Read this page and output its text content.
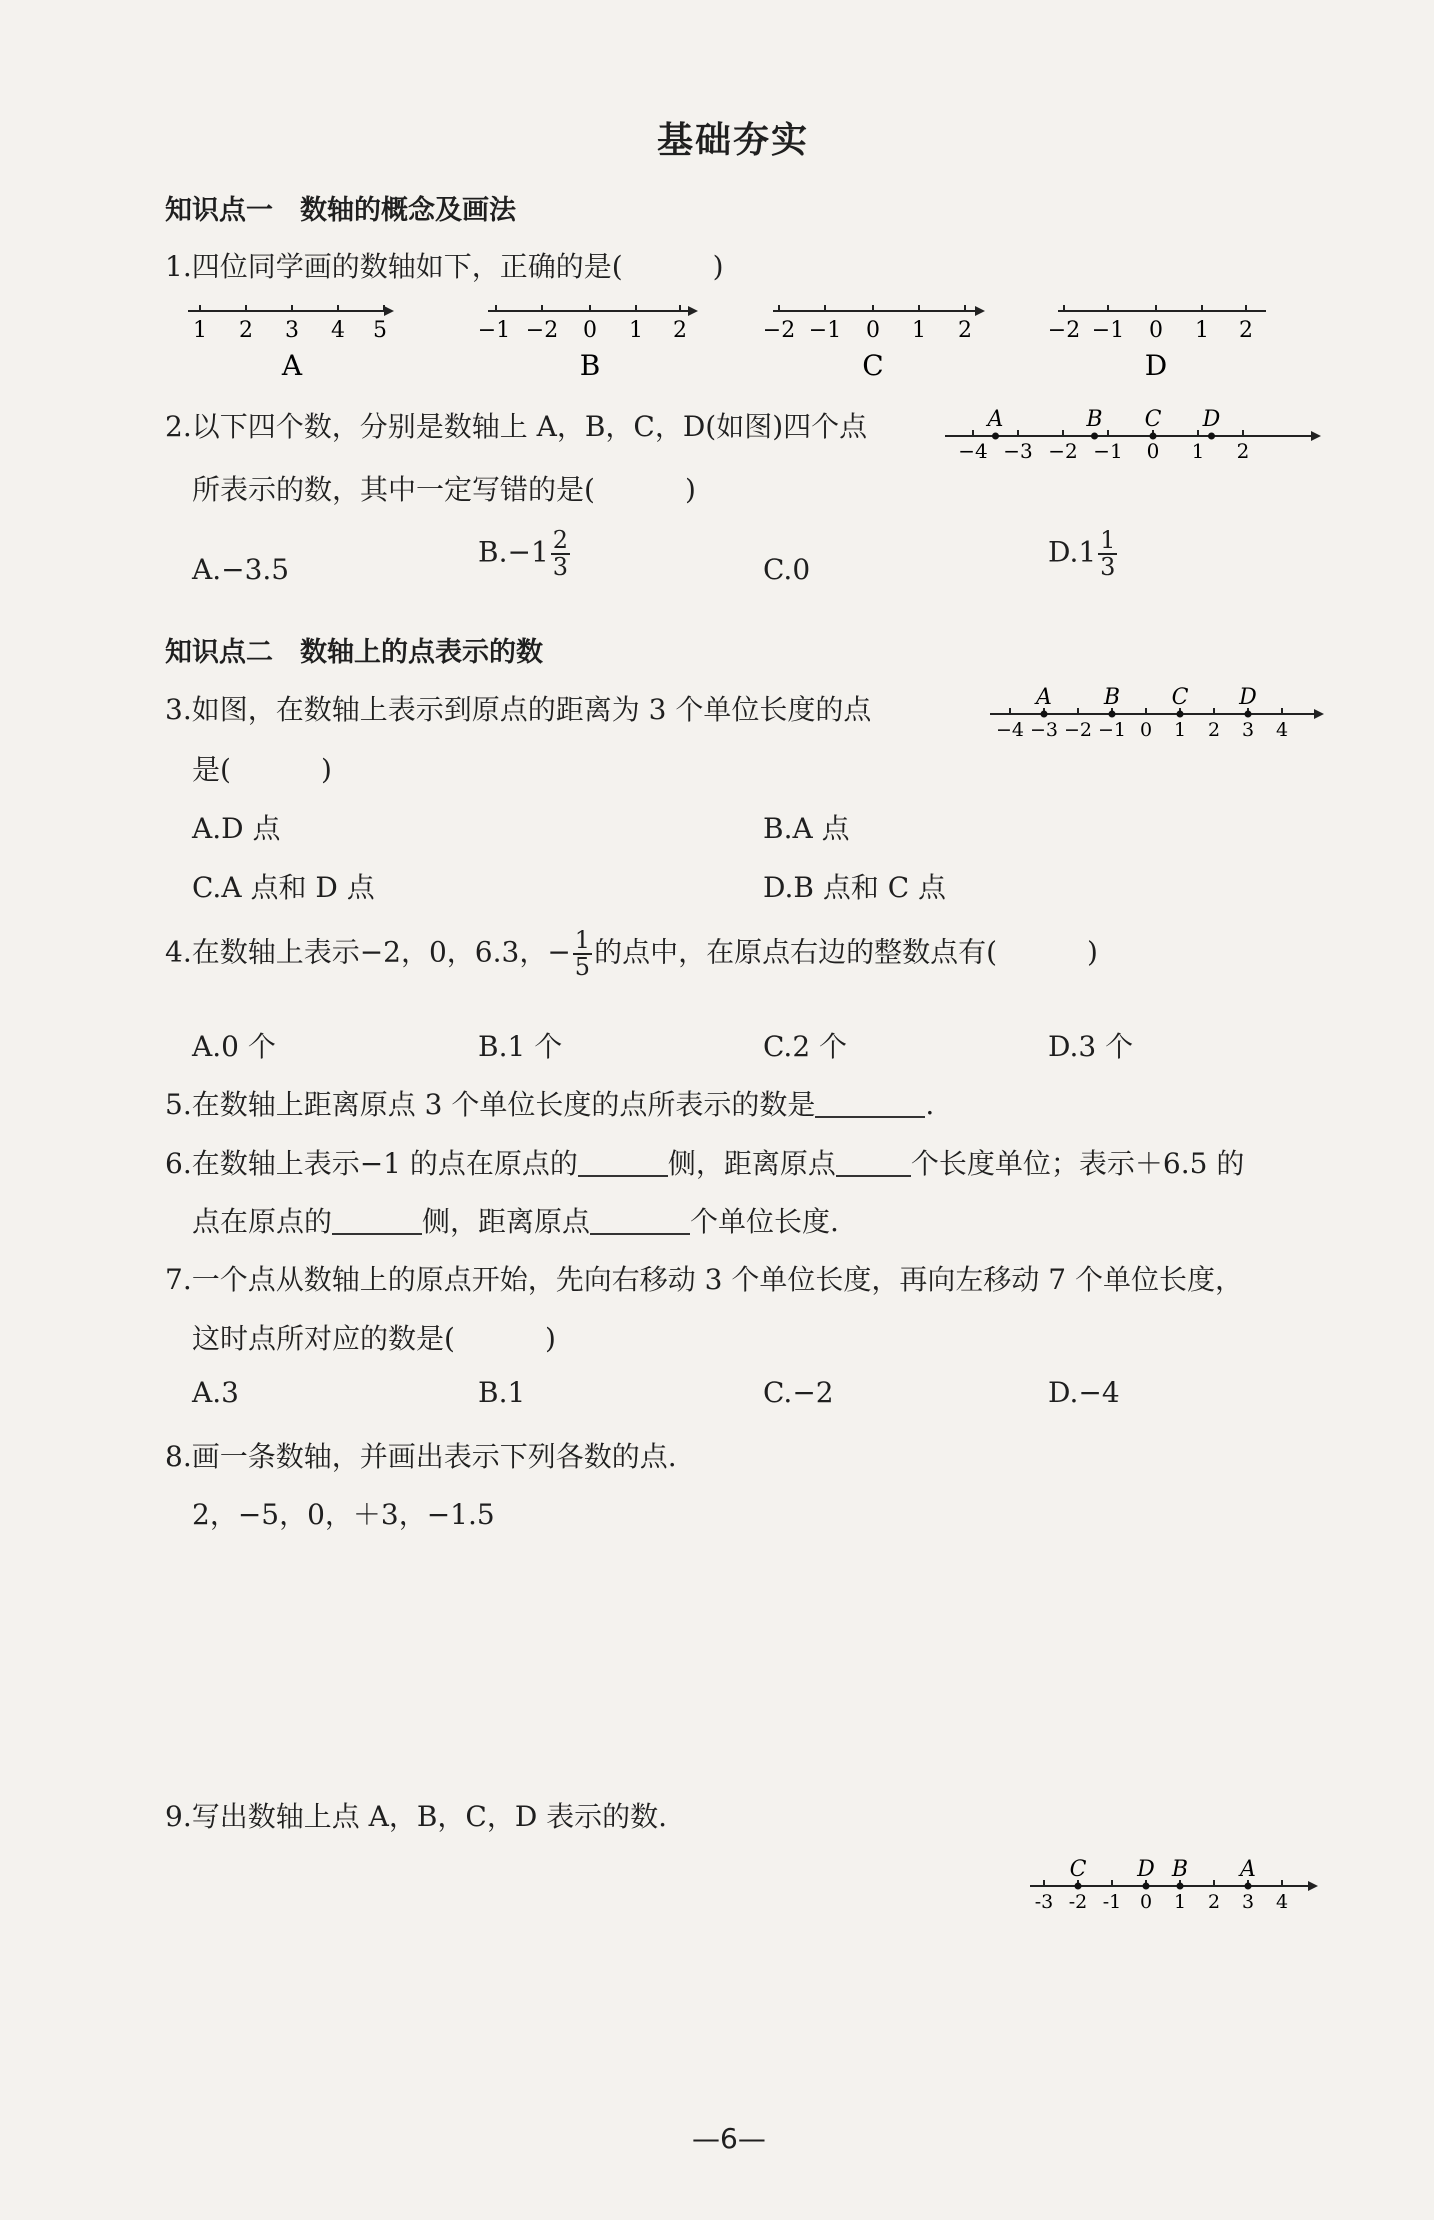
基础夯实
知识点一　数轴的概念及画法
1.四位同学画的数轴如下，正确的是(	)
1 2 3 4 5
A
−1 −2 0 1 2
B
−2 −1 0 1 2
C
−2 −1 0 1 2
D
2.以下四个数，分别是数轴上 A，B，C，D(如图)四个点
所表示的数，其中一定写错的是(	)
−4 −3 −2 −1 0 1 2
A	B C D
A.−3.5
$B.-1 \frac{2}{3}$	C.0
$D.1 \frac{1}{3}$
知识点二　数轴上的点表示的数
3.如图，在数轴上表示到原点的距离为 3 个单位长度的点
是(	)
−4 −3 −2 −1 0 1 2 3 4
A B C D
A.D 点	B.A 点
C.A 点和 D 点	D.B 点和 C 点
4.在数轴上表示−2，0，6.3，− $\frac{1}{5}$ 的点中，在原点右边的整数点有(	)
A.0 个	B.1 个	C.2 个	D.3 个
5.在数轴上距离原点 3 个单位长度的点所表示的数是	.
6.在数轴上表示−1 的点在原点的	侧，距离原点	个长度单位；表示＋6.5 的
点在原点的	侧，距离原点	个单位长度.
7.一个点从数轴上的原点开始，先向右移动 3 个单位长度，再向左移动 7 个单位长度，
这时点所对应的数是(	)
A.3	B.1	C.−2	D.−4
8.画一条数轴，并画出表示下列各数的点.
2，−5，0，＋3，−1.5
9.写出数轴上点 A，B，C，D 表示的数.
-3 -2 -1 0 1 2 3 4
C D B A
—6—
